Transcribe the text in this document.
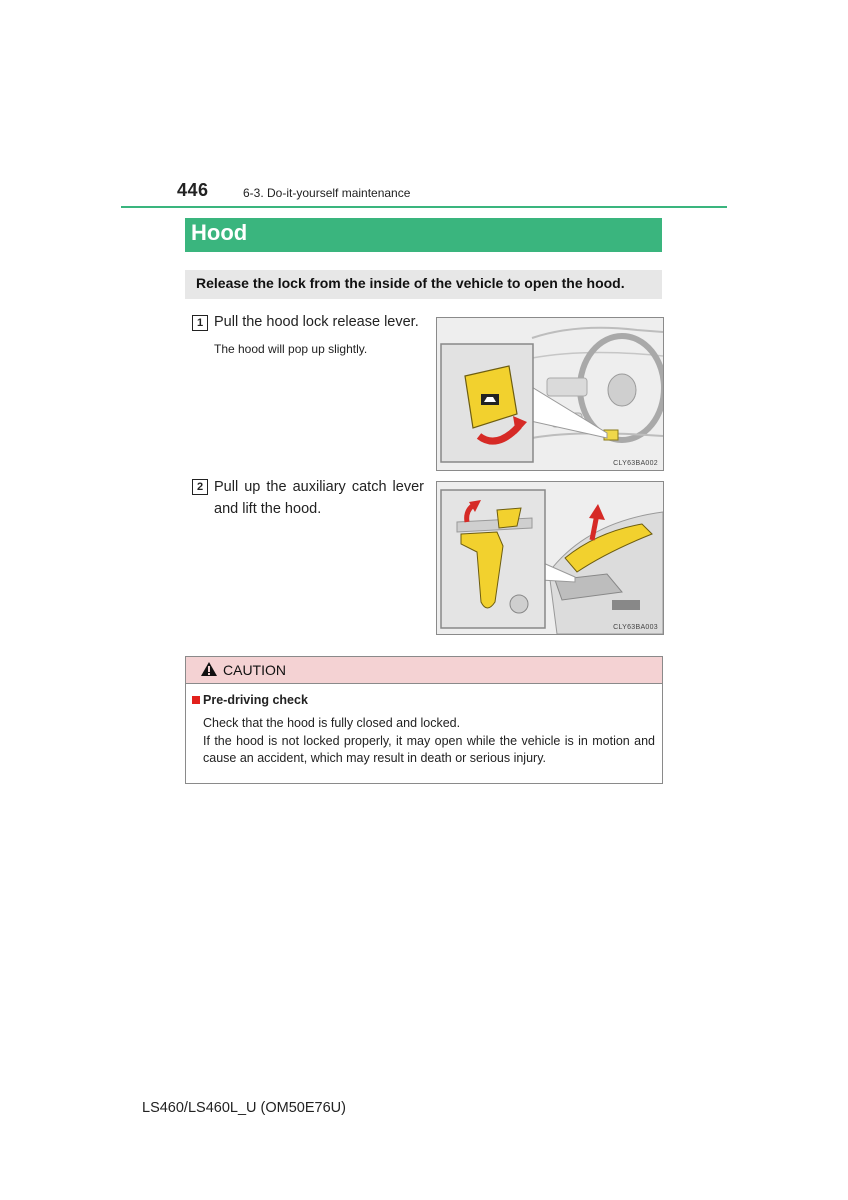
446	6-3. Do-it-yourself maintenance
Hood
Release the lock from the inside of the vehicle to open the hood.
1 Pull the hood lock release lever.
The hood will pop up slightly.
CLY63BA002
2 Pull up the auxiliary catch lever
and lift the hood.
CLY63BA003
CAUTION
Pre-driving check

Check that the hood is fully closed and locked.

If the hood is not locked properly, it may open while the vehicle is in motion and cause an accident, which may result in death or serious injury.

LS460/LS460L_U (OM50E76U)
